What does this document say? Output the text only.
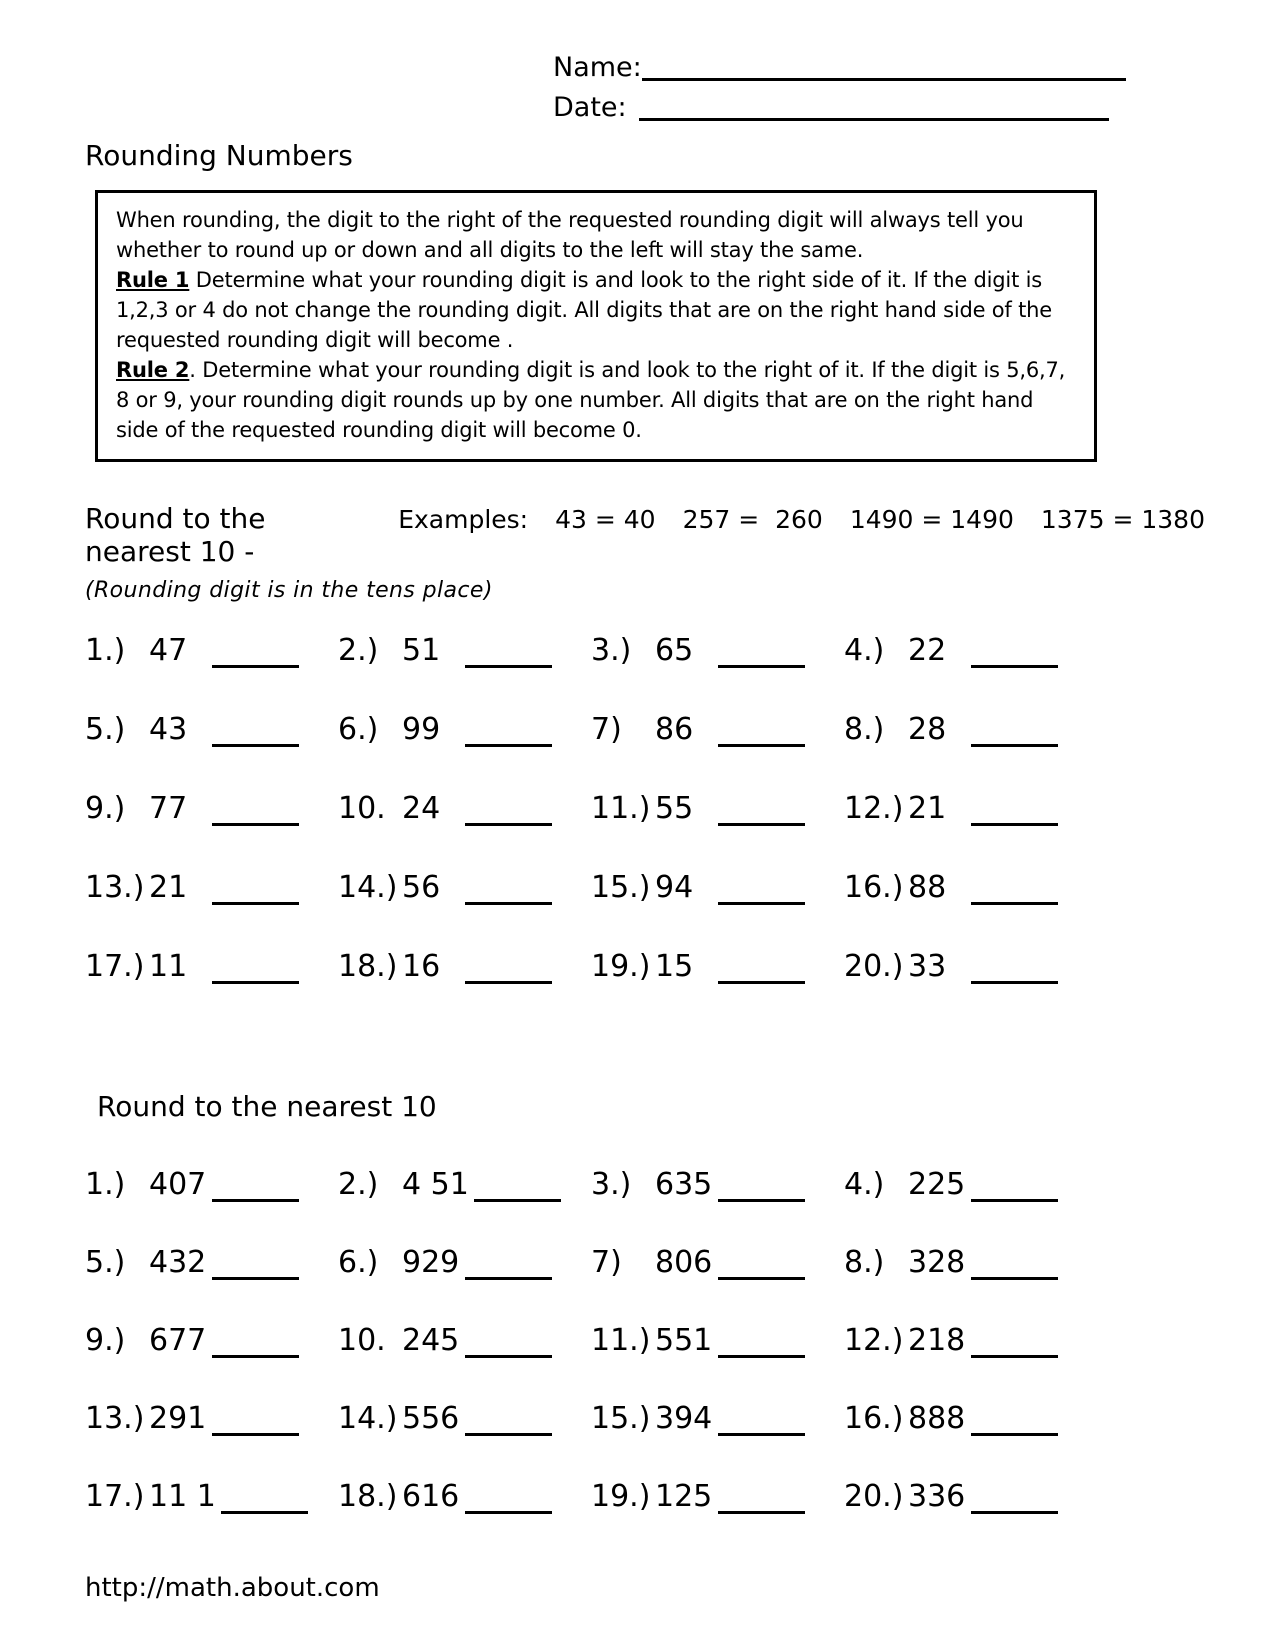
Name:
Date:
Rounding Numbers

When rounding, the digit to the right of the requested rounding digit will always tell you whether to round up or down and all digits to the left will stay the same.

Rule 1 Determine what your rounding digit is and look to the right side of it. If the digit is 1,2,3 or 4 do not change the rounding digit. All digits that are on the right hand side of the requested rounding digit will become .

Rule 2. Determine what your rounding digit is and look to the right of it. If the digit is 5,6,7, 8 or 9, your rounding digit rounds up by one number. All digits that are on the right hand side of the requested rounding digit will become 0.

Round to the nearest 10 -
Examples: 43 = 40 257 =  260 1490 = 1490 1375 = 1380
(Rounding digit is in the tens place)
1.) 47	2.) 51	3.) 65	4.) 22
5.) 43	6.) 99	7)	86	8.) 28
9.) 77	10. 24	11.) 55	12.) 21
13.) 21	14.) 56	15.) 94	16.) 88
17.) 11	18.) 16	19.) 15	20.) 33
Round to the nearest 10
1.) 407	2.) 4 51	3.) 635	4.) 225
5.) 432	6.) 929	7)	806	8.) 328
9.) 677	10. 245	11.) 551	12.) 218
13.) 291	14.) 556	15.) 394	16.) 888
17.) 11 1	18.) 616	19.) 125	20.) 336
http://math.about.com
